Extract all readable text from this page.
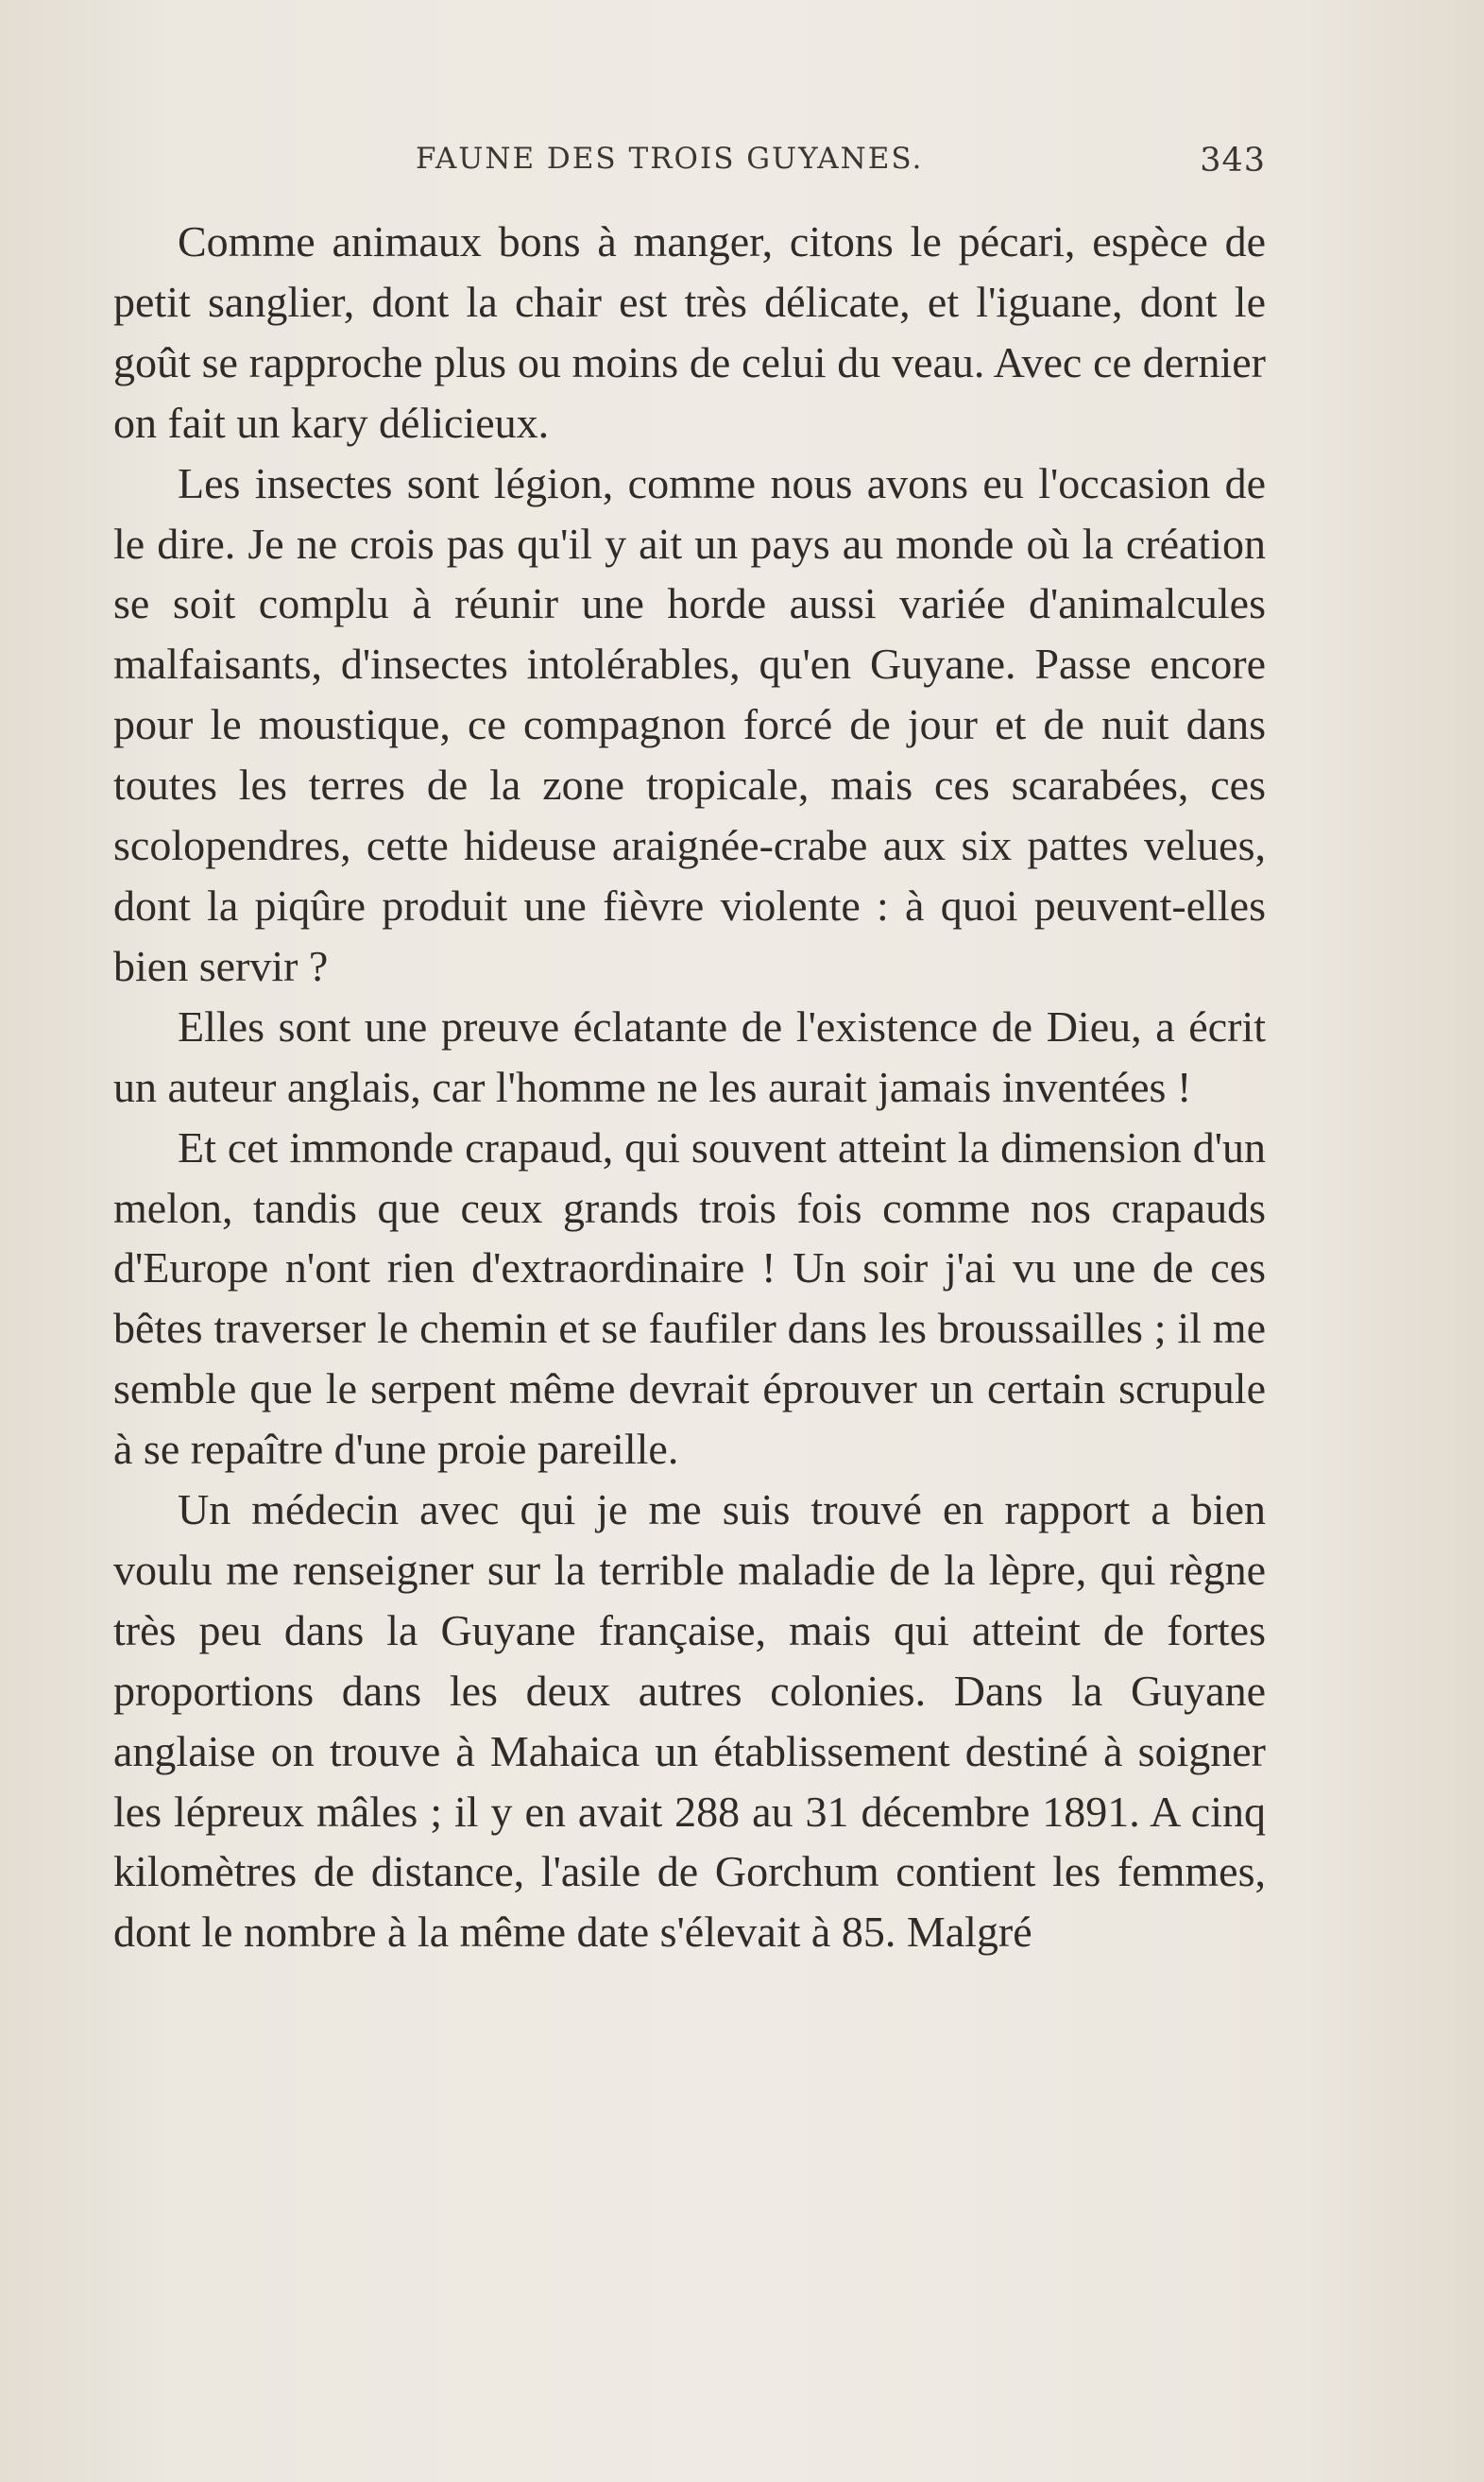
FAUNE DES TROIS GUYANES.	343

Comme animaux bons à manger, citons le pécari, espèce de petit sanglier, dont la chair est très délicate, et l'iguane, dont le goût se rapproche plus ou moins de celui du veau. Avec ce dernier on fait un kary délicieux.

Les insectes sont légion, comme nous avons eu l'occasion de le dire. Je ne crois pas qu'il y ait un pays au monde où la création se soit complu à réunir une horde aussi variée d'animalcules malfaisants, d'insectes intolérables, qu'en Guyane. Passe encore pour le moustique, ce compagnon forcé de jour et de nuit dans toutes les terres de la zone tropicale, mais ces scarabées, ces scolopendres, cette hideuse araignée-crabe aux six pattes velues, dont la piqûre produit une fièvre violente : à quoi peuvent-elles bien servir ?

Elles sont une preuve éclatante de l'existence de Dieu, a écrit un auteur anglais, car l'homme ne les aurait jamais inventées !

Et cet immonde crapaud, qui souvent atteint la dimension d'un melon, tandis que ceux grands trois fois comme nos crapauds d'Europe n'ont rien d'extraordinaire ! Un soir j'ai vu une de ces bêtes traverser le chemin et se faufiler dans les broussailles ; il me semble que le serpent même devrait éprouver un certain scrupule à se repaître d'une proie pareille.

Un médecin avec qui je me suis trouvé en rapport a bien voulu me renseigner sur la terrible maladie de la lèpre, qui règne très peu dans la Guyane française, mais qui atteint de fortes proportions dans les deux autres colonies. Dans la Guyane anglaise on trouve à Mahaica un établissement destiné à soigner les lépreux mâles ; il y en avait 288 au 31 décembre 1891. A cinq kilomètres de distance, l'asile de Gorchum contient les femmes, dont le nombre à la même date s'élevait à 85. Malgré
